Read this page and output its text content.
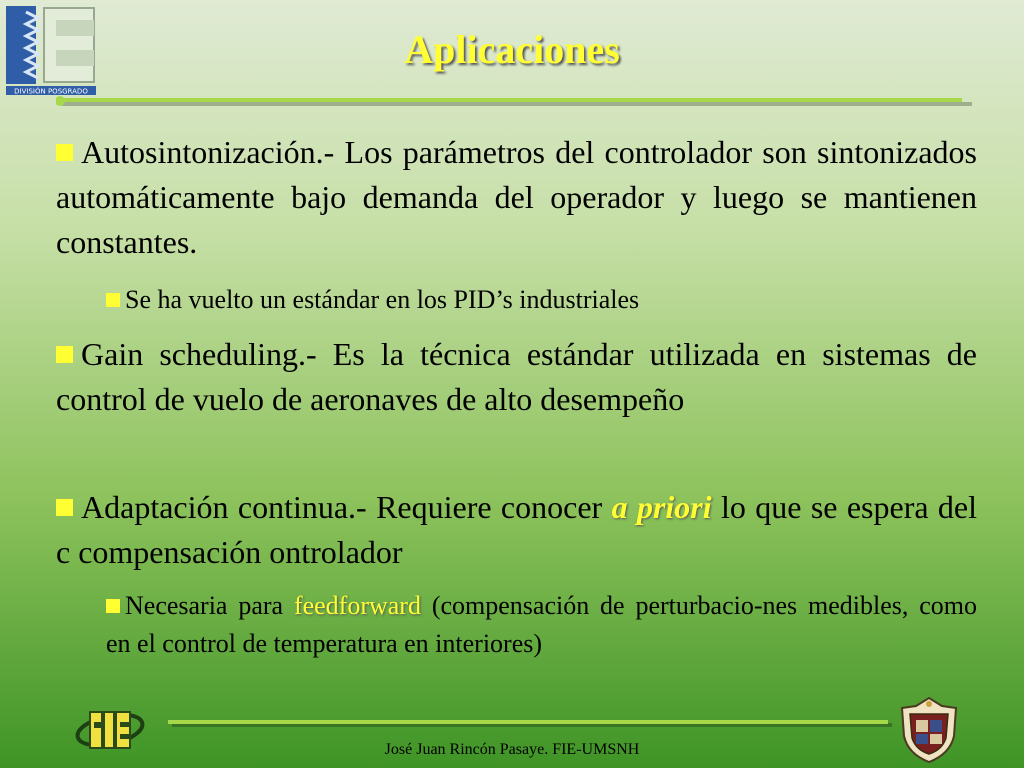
DIVISIÓN POSGRADO
Aplicaciones
Autosintonización.- Los parámetros del controlador son sintonizados automáticamente bajo demanda del operador y luego se mantienen constantes.
Se ha vuelto un estándar en los PID’s industriales
Gain scheduling.- Es la técnica estándar utilizada en sistemas de control de vuelo de aeronaves de alto desempeño
Adaptación continua.- Requiere conocer a priori lo que se espera del c compensación ontrolador
Necesaria para feedforward (compensación de perturbacio-nes medibles, como en el control de temperatura en interiores)
José Juan Rincón Pasaye. FIE-UMSNH
